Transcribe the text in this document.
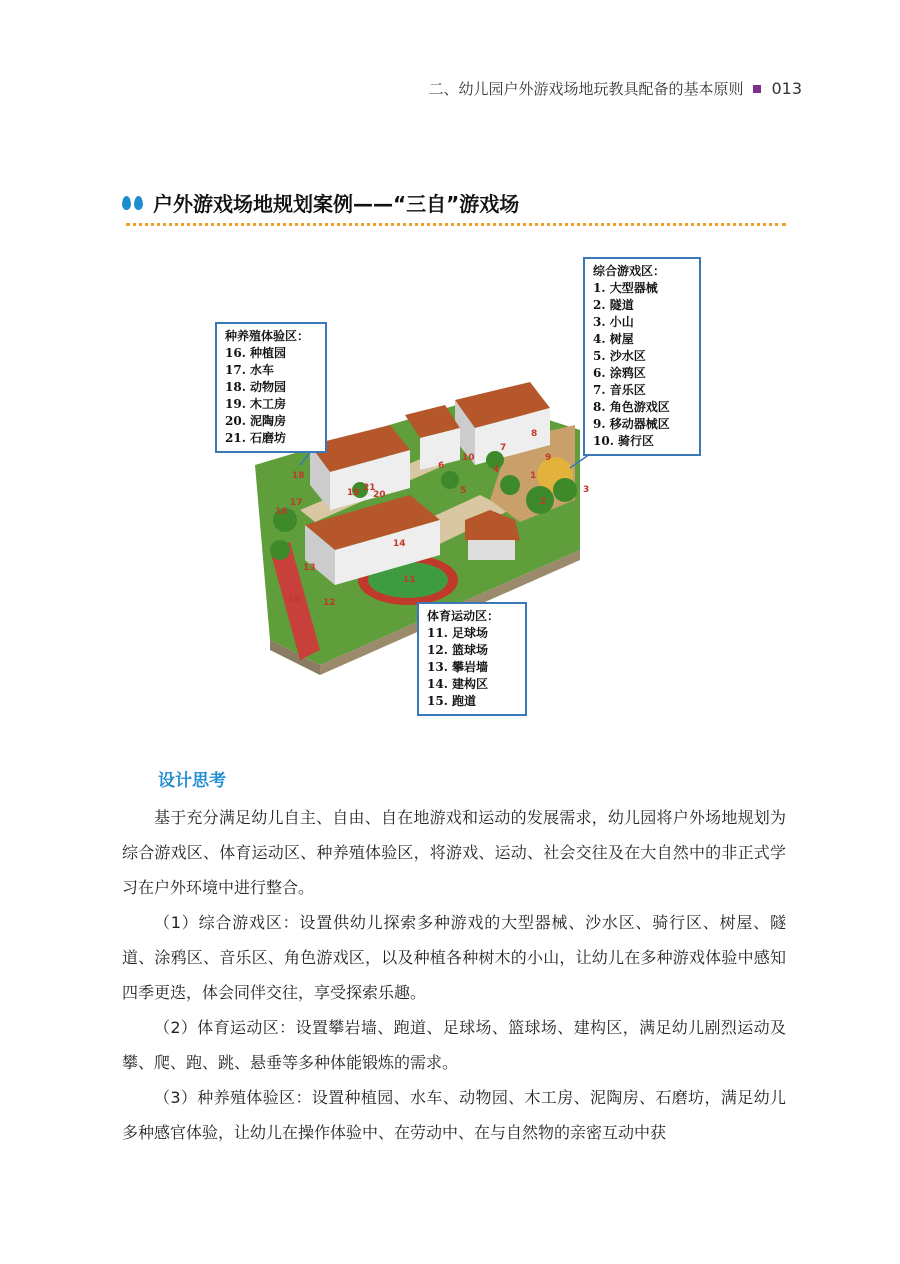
二、幼儿园户外游戏场地玩教具配备的基本原则 013
户外游戏场地规划案例——“三自”游戏场
1
2
3
4
5
6
7
8
9
10
11
12
13
14
15
16
17
18
19 20
21
种养殖体验区：
16. 种植园
17. 水车
18. 动物园
19. 木工房
20. 泥陶房
21. 石磨坊
综合游戏区：
1. 大型器械
2. 隧道
3. 小山
4. 树屋
5. 沙水区
6. 涂鸦区
7. 音乐区
8. 角色游戏区
9. 移动器械区
10. 骑行区
体育运动区：
11. 足球场
12. 篮球场
13. 攀岩墙
14. 建构区
15. 跑道
设计思考

基于充分满足幼儿自主、自由、自在地游戏和运动的发展需求，幼儿园将户外场地规划为综合游戏区、体育运动区、种养殖体验区，将游戏、运动、社会交往及在大自然中的非正式学习在户外环境中进行整合。

（1）综合游戏区：设置供幼儿探索多种游戏的大型器械、沙水区、骑行区、树屋、隧道、涂鸦区、音乐区、角色游戏区，以及种植各种树木的小山，让幼儿在多种游戏体验中感知四季更迭，体会同伴交往，享受探索乐趣。

（2）体育运动区：设置攀岩墙、跑道、足球场、篮球场、建构区，满足幼儿剧烈运动及攀、爬、跑、跳、悬垂等多种体能锻炼的需求。

（3）种养殖体验区：设置种植园、水车、动物园、木工房、泥陶房、石磨坊，满足幼儿多种感官体验，让幼儿在操作体验中、在劳动中、在与自然物的亲密互动中获
